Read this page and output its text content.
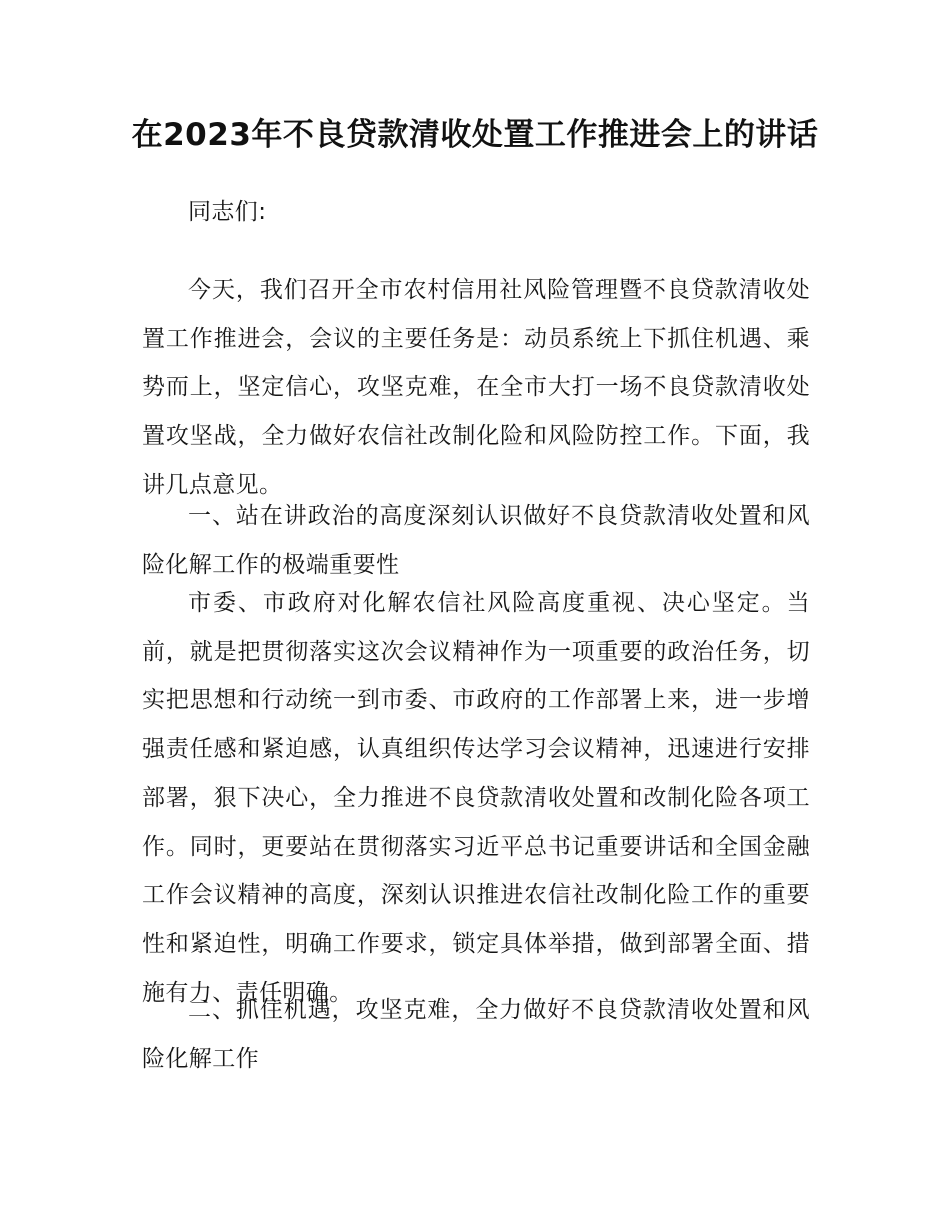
在2023年不良贷款清收处置工作推进会上的讲话

同志们:

今天，我们召开全市农村信用社风险管理暨不良贷款清收处置工作推进会，会议的主要任务是：动员系统上下抓住机遇、乘势而上，坚定信心，攻坚克难，在全市大打一场不良贷款清收处置攻坚战，全力做好农信社改制化险和风险防控工作。下面，我讲几点意见。

一、站在讲政治的高度深刻认识做好不良贷款清收处置和风险化解工作的极端重要性

市委、市政府对化解农信社风险高度重视、决心坚定。当前，就是把贯彻落实这次会议精神作为一项重要的政治任务，切实把思想和行动统一到市委、市政府的工作部署上来，进一步增强责任感和紧迫感，认真组织传达学习会议精神，迅速进行安排部署，狠下决心，全力推进不良贷款清收处置和改制化险各项工作。同时，更要站在贯彻落实习近平总书记重要讲话和全国金融工作会议精神的高度，深刻认识推进农信社改制化险工作的重要性和紧迫性，明确工作要求，锁定具体举措，做到部署全面、措施有力、责任明确。

二、抓住机遇，攻坚克难，全力做好不良贷款清收处置和风险化解工作
